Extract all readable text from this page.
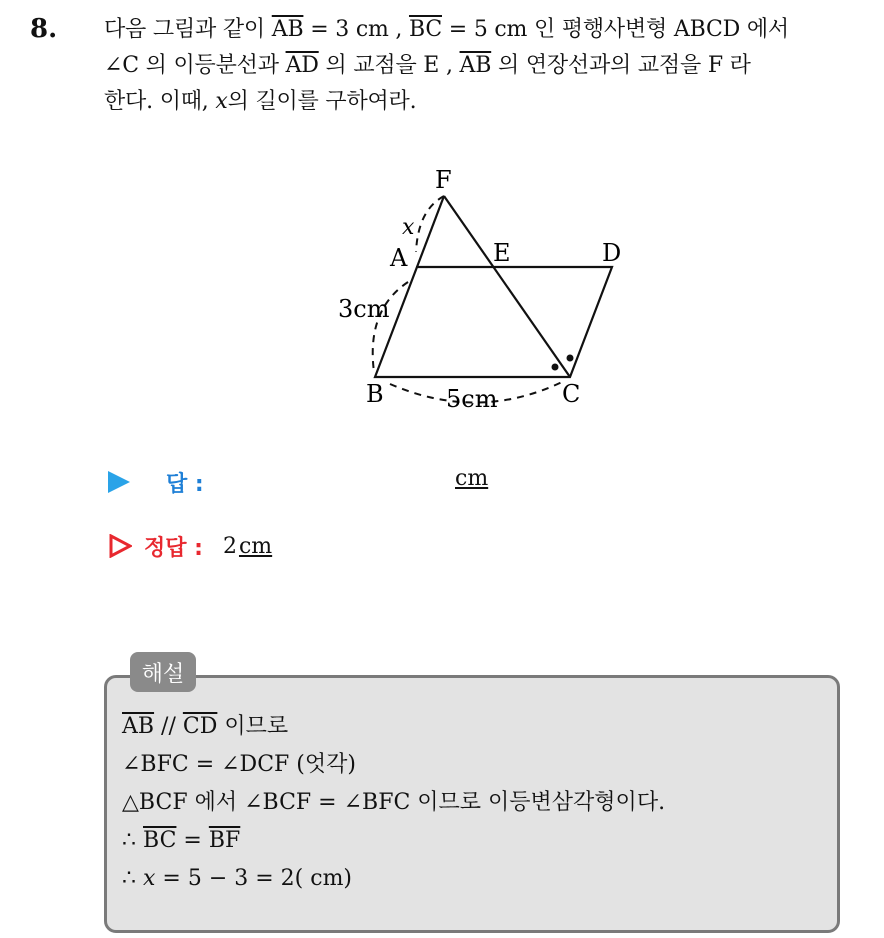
8. 다음 그림과 같이 $\overline{AB} = 3$ cm , $\overline{BC} = 5$ cm 인 평행사변형 ABCD 에서
∠C 의 이등분선과 $\overline{AD}$ 의 교점을 E , $\overline{AB}$ 의 연장선과의 교점을 F 라
한다. 이때, x의 길이를 구하여라.
F
x
A	E	D
3cm
B	5cm	C
답 :	cm
정답 : 2 cm
해설
$\overline{AB} // \overline{CD}$ 이므로
∠BFC = ∠DCF (엇각)
△BCF 에서 ∠BCF = ∠BFC 이므로 이등변삼각형이다.
∴ $\overline{BC} = \overline{BF}$
∴ x = 5 − 3 = 2( cm)
